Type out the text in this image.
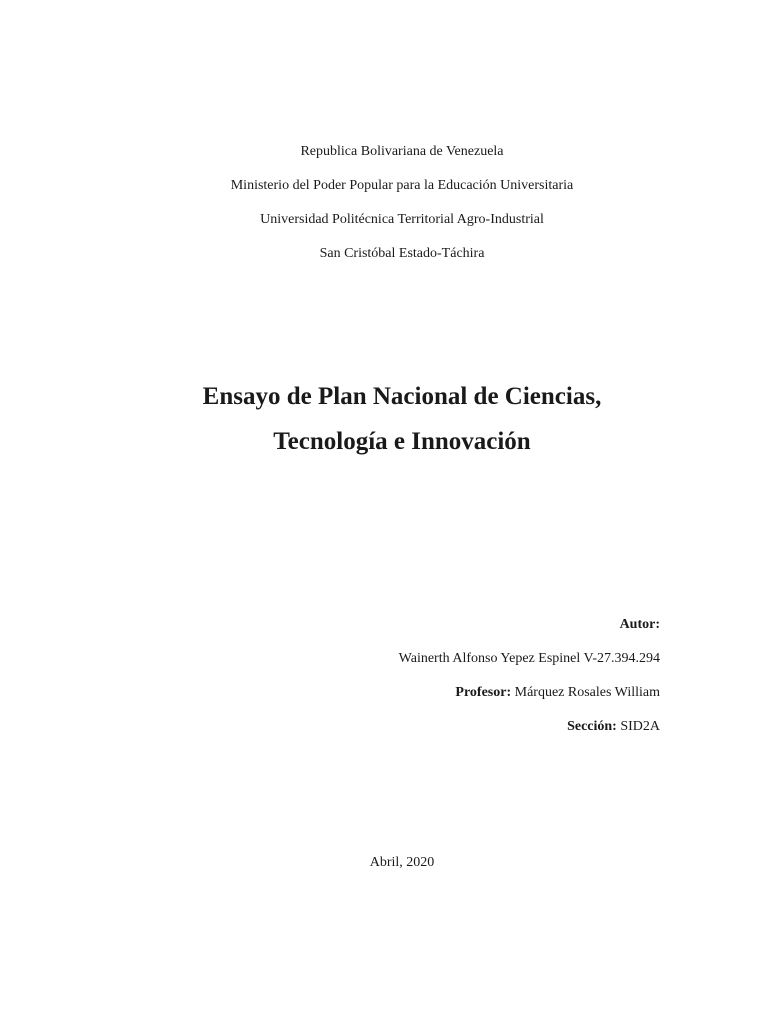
Republica Bolivariana de Venezuela
Ministerio del Poder Popular para la Educación Universitaria
Universidad Politécnica Territorial Agro-Industrial
San Cristóbal Estado-Táchira
Ensayo de Plan Nacional de Ciencias,
Tecnología e Innovación
Autor:
Wainerth Alfonso Yepez Espinel V-27.394.294
Profesor: Márquez Rosales William
Sección: SID2A
Abril, 2020
